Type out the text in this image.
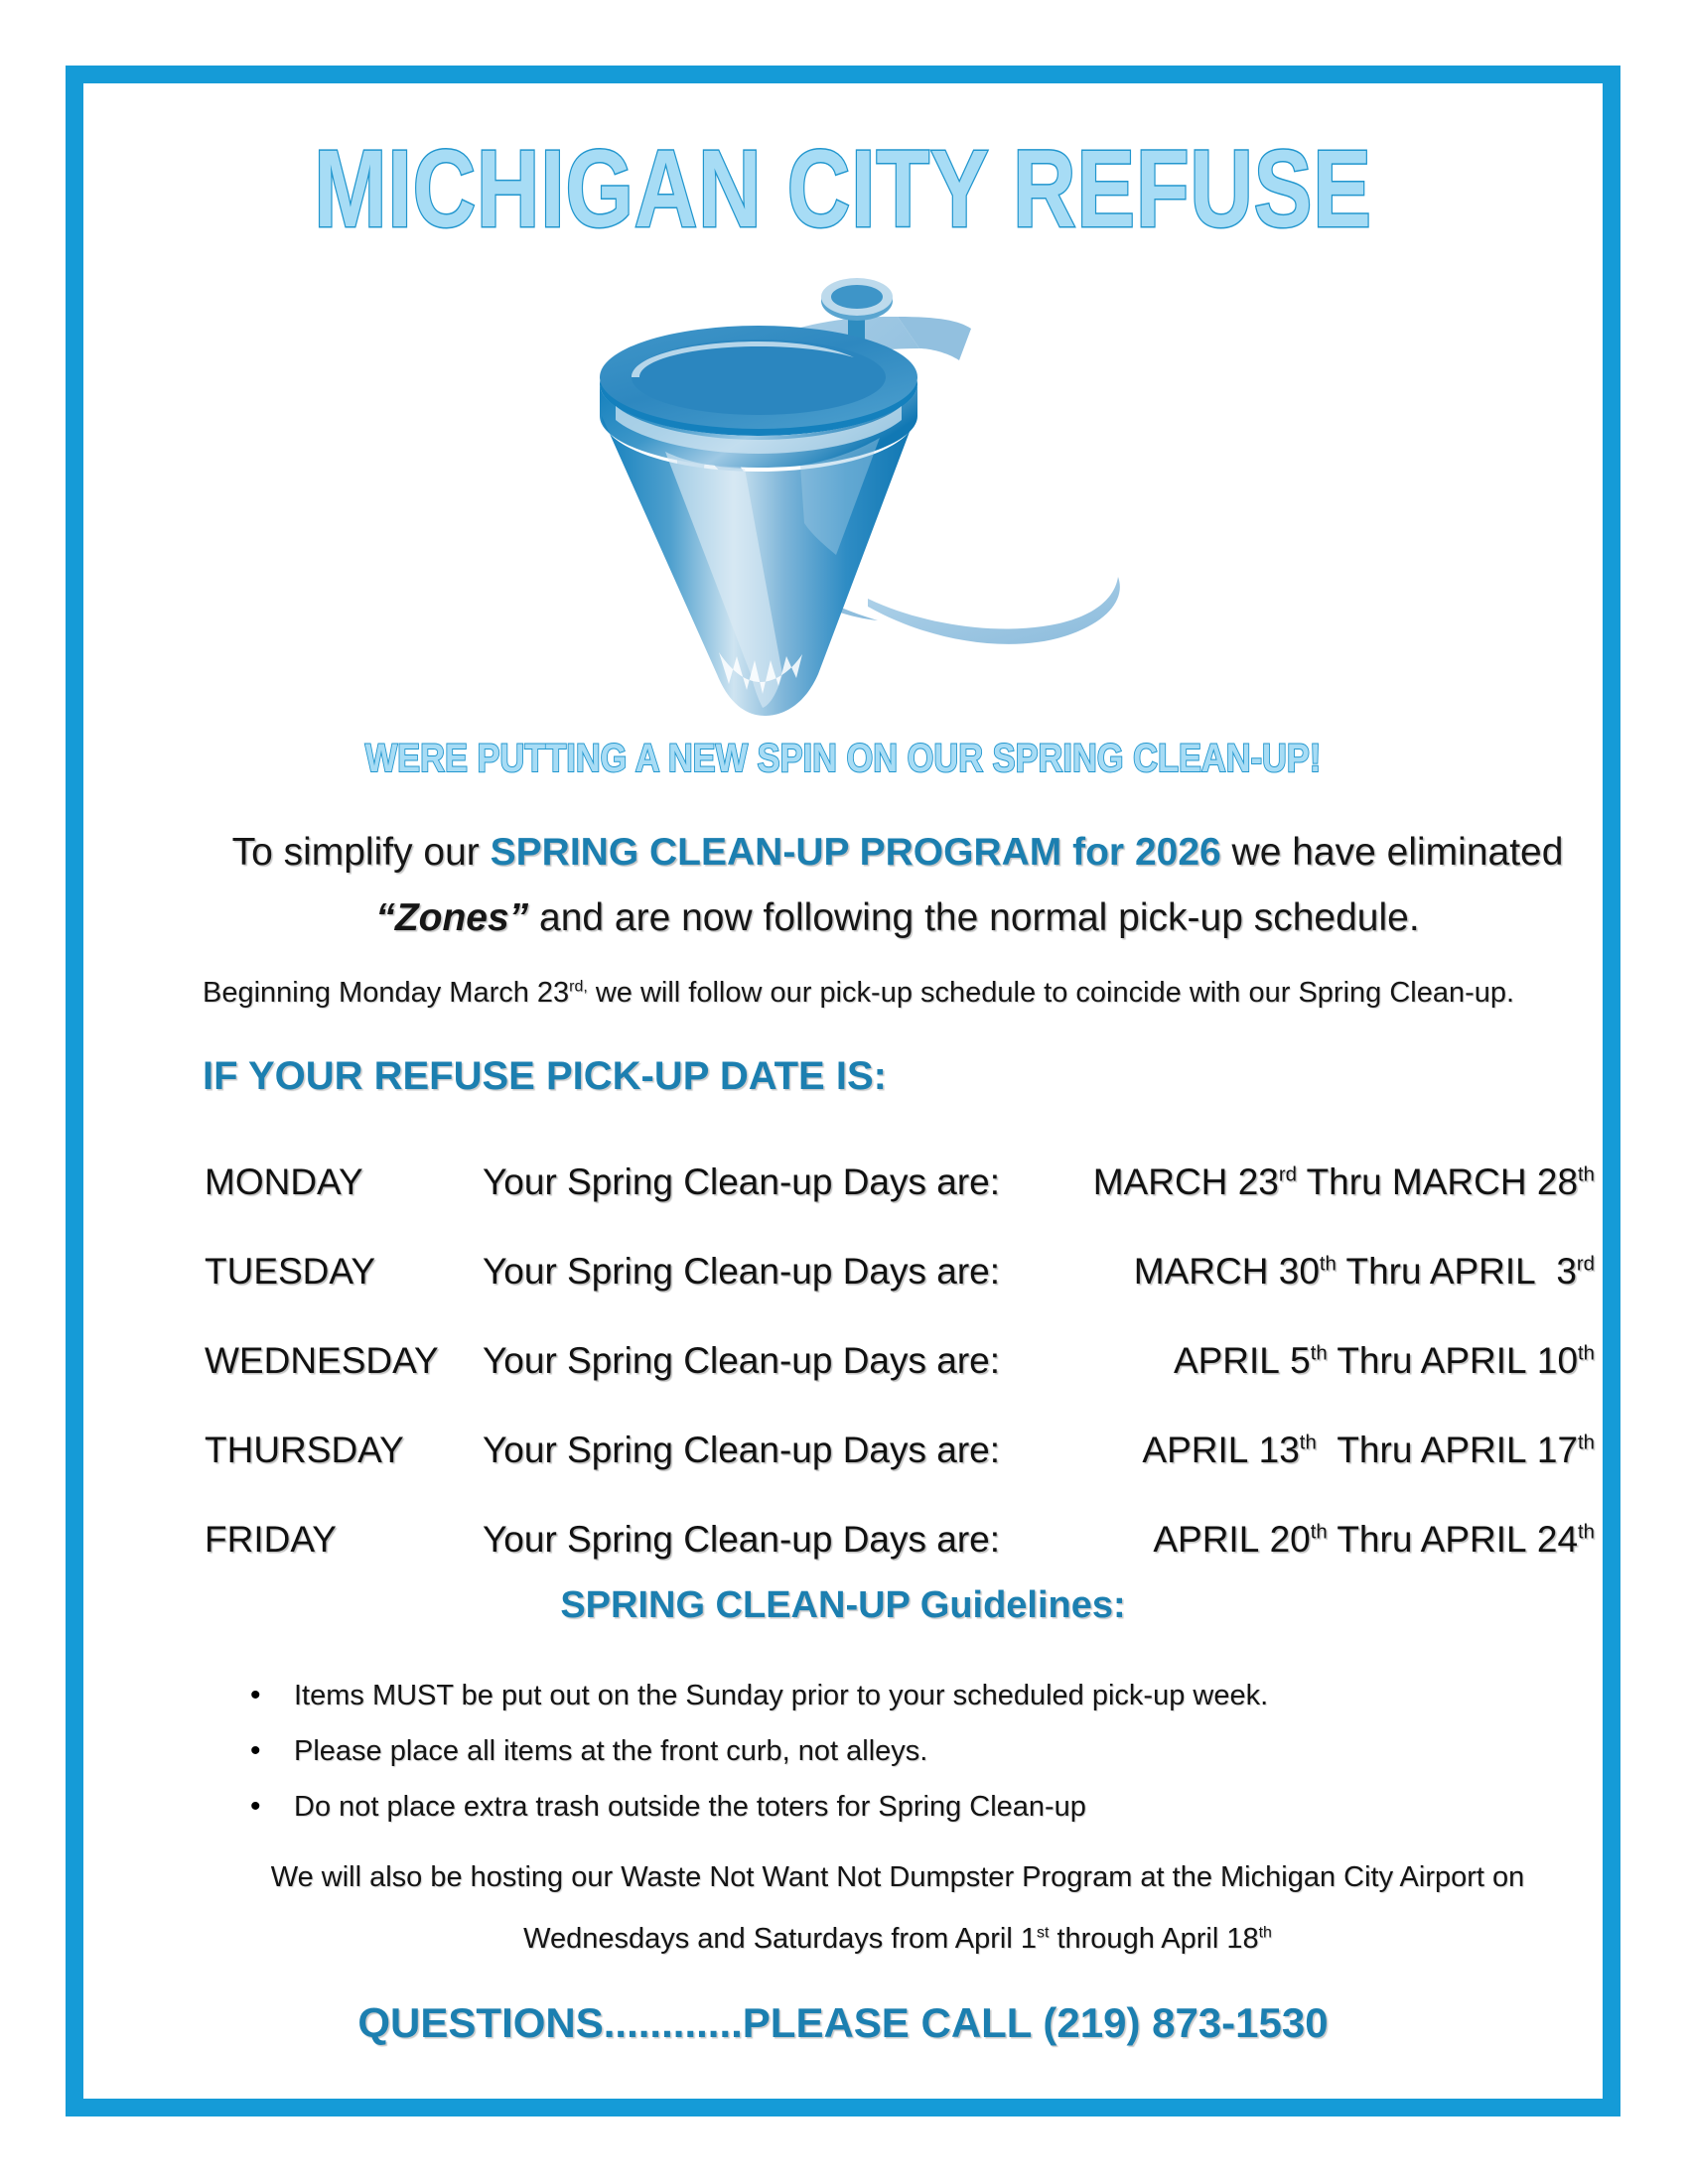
MICHIGAN CITY REFUSE
WERE PUTTING A NEW SPIN ON OUR SPRING CLEAN-UP!
To simplify our SPRING CLEAN-UP PROGRAM for 2026 we have eliminated
“Zones” and are now following the normal pick-up schedule.
Beginning Monday March $23^{rd,}$ we will follow our pick-up schedule to coincide with our Spring Clean-up.
IF YOUR REFUSE PICK-UP DATE IS:
MONDAY	Your Spring Clean-up Days are:	MARCH 23rd Thru MARCH 28th
TUESDAY	Your Spring Clean-up Days are:	MARCH 30th Thru APRIL 3rd
WEDNESDAY	Your Spring Clean-up Days are:	APRIL 5th Thru APRIL 10th
THURSDAY	Your Spring Clean-up Days are:	APRIL 13th Thru APRIL 17th
FRIDAY	Your Spring Clean-up Days are:	APRIL 20th Thru APRIL 24th
SPRING CLEAN-UP Guidelines:
• Items MUST be put out on the Sunday prior to your scheduled pick-up week.
• Please place all items at the front curb, not alleys.
• Do not place extra trash outside the toters for Spring Clean-up
We will also be hosting our Waste Not Want Not Dumpster Program at the Michigan City Airport on
Wednesdays and Saturdays from April 1st through April 18th
QUESTIONS............PLEASE CALL (219) 873-1530
